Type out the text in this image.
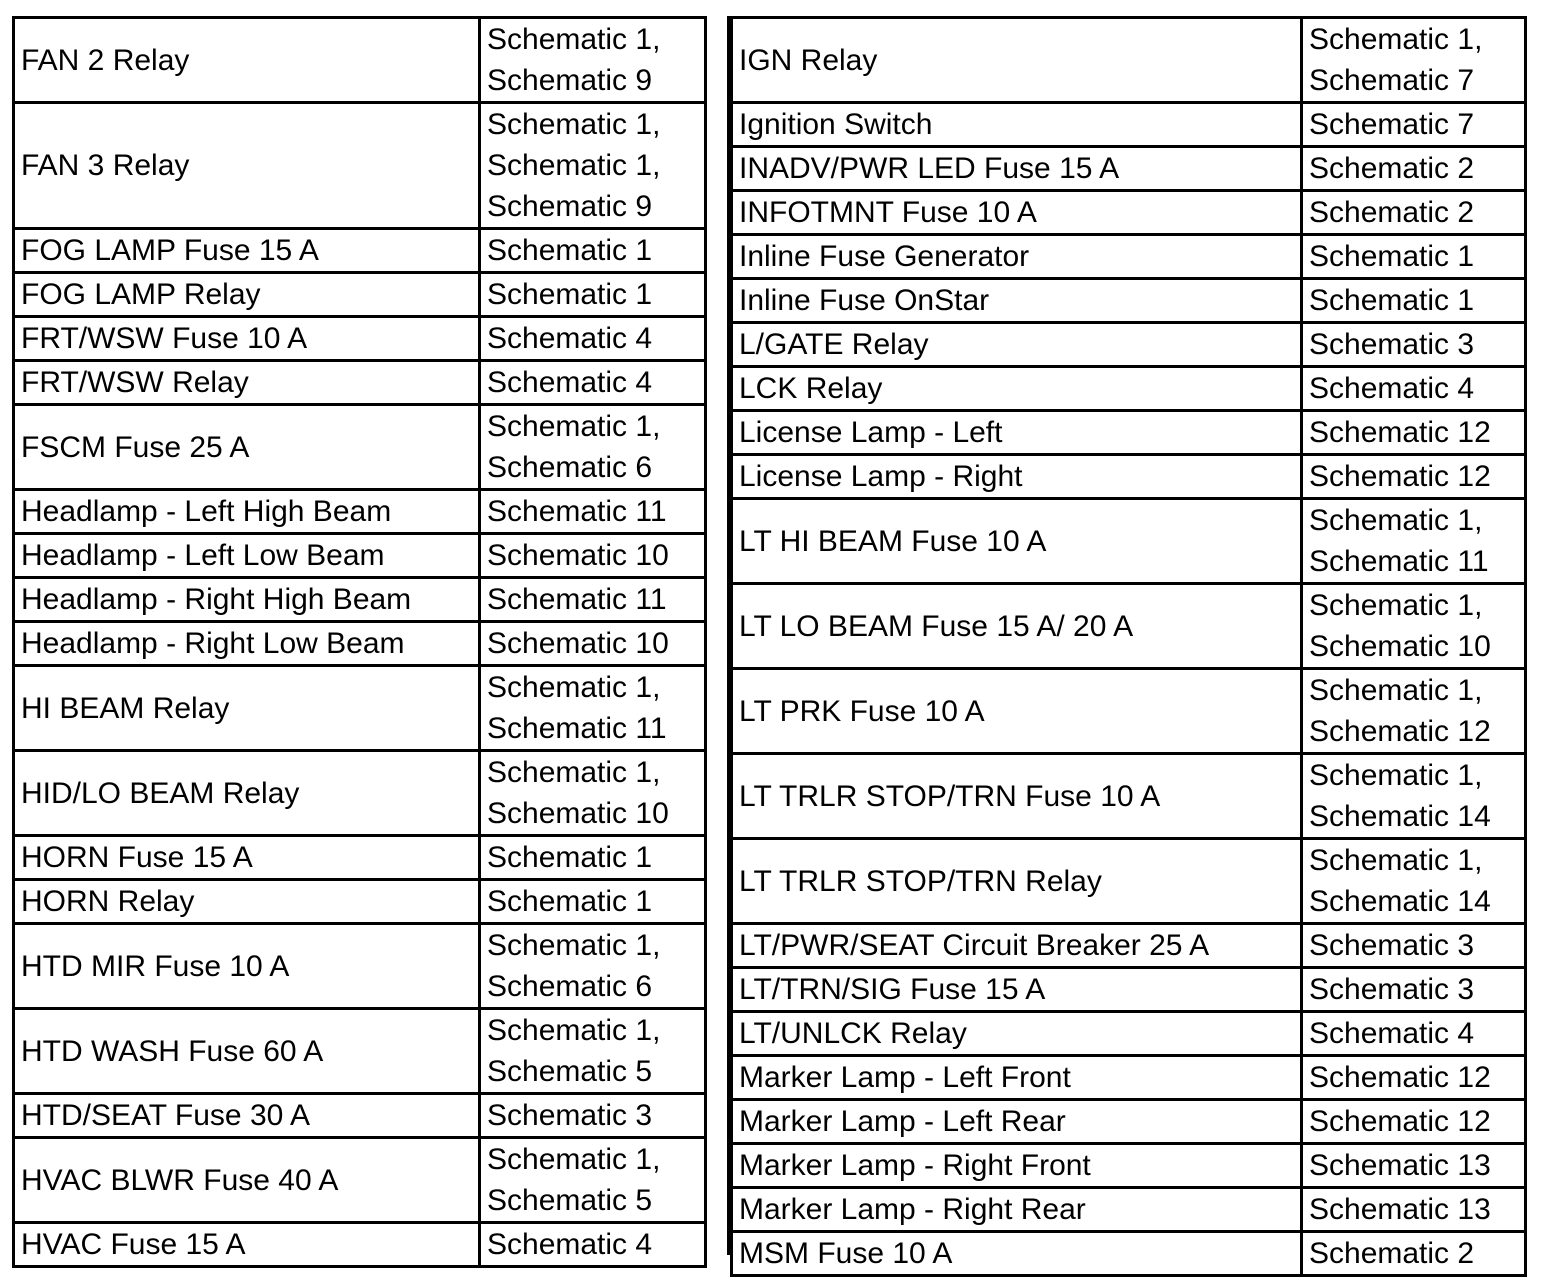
FAN 2 Relay	Schematic 1,
Schematic 9

FAN 3 Relay	Schematic 1,
Schematic 1,
Schematic 9

FOG LAMP Fuse 15 A	Schematic 1

FOG LAMP Relay	Schematic 1

FRT/WSW Fuse 10 A	Schematic 4

FRT/WSW Relay	Schematic 4

FSCM Fuse 25 A	Schematic 1,
Schematic 6

Headlamp - Left High Beam	Schematic 11

Headlamp - Left Low Beam	Schematic 10

Headlamp - Right High Beam	Schematic 11

Headlamp - Right Low Beam	Schematic 10

HI BEAM Relay	Schematic 1,
Schematic 11

HID/LO BEAM Relay	Schematic 1,
Schematic 10

HORN Fuse 15 A	Schematic 1

HORN Relay	Schematic 1

HTD MIR Fuse 10 A	Schematic 1,
Schematic 6

HTD WASH Fuse 60 A	Schematic 1,
Schematic 5

HTD/SEAT Fuse 30 A	Schematic 3

HVAC BLWR Fuse 40 A	Schematic 1,
Schematic 5

HVAC Fuse 15 A	Schematic 4
IGN Relay	Schematic 1,
Schematic 7

Ignition Switch	Schematic 7

INADV/PWR LED Fuse 15 A	Schematic 2

INFOTMNT Fuse 10 A	Schematic 2

Inline Fuse Generator	Schematic 1

Inline Fuse OnStar	Schematic 1

L/GATE Relay	Schematic 3

LCK Relay	Schematic 4

License Lamp - Left	Schematic 12

License Lamp - Right	Schematic 12

LT HI BEAM Fuse 10 A	Schematic 1,
Schematic 11

LT LO BEAM Fuse 15 A/ 20 A	Schematic 1,
Schematic 10

LT PRK Fuse 10 A	Schematic 1,
Schematic 12

LT TRLR STOP/TRN Fuse 10 A	Schematic 1,
Schematic 14

LT TRLR STOP/TRN Relay	Schematic 1,
Schematic 14

LT/PWR/SEAT Circuit Breaker 25 A	Schematic 3

LT/TRN/SIG Fuse 15 A	Schematic 3

LT/UNLCK Relay	Schematic 4

Marker Lamp - Left Front	Schematic 12

Marker Lamp - Left Rear	Schematic 12

Marker Lamp - Right Front	Schematic 13

Marker Lamp - Right Rear	Schematic 13

MSM Fuse 10 A	Schematic 2
